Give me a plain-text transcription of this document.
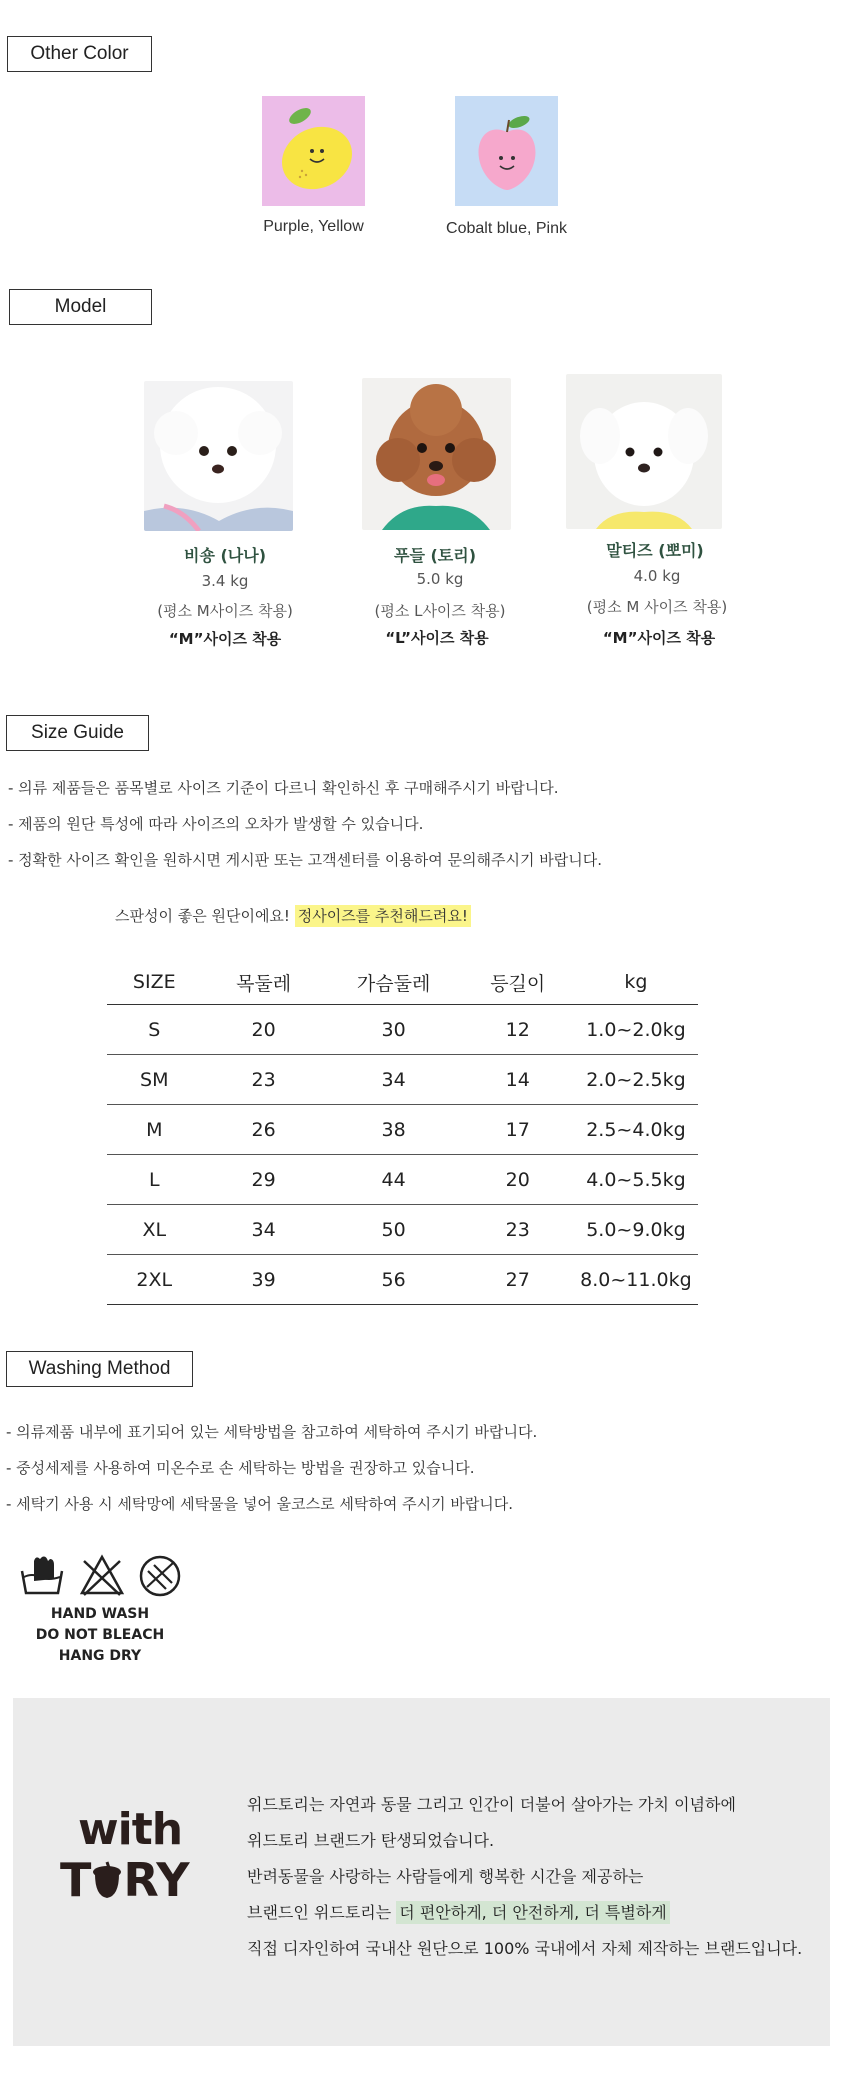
Other Color
Purple, Yellow	Cobalt blue, Pink
Model
비숑 (나나)
3.4 kg
(평소 M사이즈 착용)
“M”사이즈 착용
푸들 (토리)
5.0 kg
(평소 L사이즈 착용)
“L”사이즈 착용
말티즈 (뽀미)
4.0 kg
(평소 M 사이즈 착용)
“M”사이즈 착용
Size Guide
- 의류 제품들은 품목별로 사이즈 기준이 다르니 확인하신 후 구매해주시기 바랍니다.
- 제품의 원단 특성에 따라 사이즈의 오차가 발생할 수 있습니다.
- 정확한 사이즈 확인을 원하시면 게시판 또는 고객센터를 이용하여 문의해주시기 바랍니다.
스판성이 좋은 원단이에요! 정사이즈를 추천해드려요!
SIZE	목둘레	가슴둘레	등길이	kg
S	20	30	12	1.0~2.0kg
SM	23	34	14	2.0~2.5kg
M	26	38	17	2.5~4.0kg
L	29	44	20	4.0~5.5kg
XL	34	50	23	5.0~9.0kg
2XL	39	56	27	8.0~11.0kg
Washing Method
- 의류제품 내부에 표기되어 있는 세탁방법을 참고하여 세탁하여 주시기 바랍니다.
- 중성세제를 사용하여 미온수로 손 세탁하는 방법을 권장하고 있습니다.
- 세탁기 사용 시 세탁망에 세탁물을 넣어 울코스로 세탁하여 주시기 바랍니다.
HAND WASH
DO NOT BLEACH
HANG DRY
with
T RY
위드토리는 자연과 동물 그리고 인간이 더불어 살아가는 가치 이념하에
위드토리 브랜드가 탄생되었습니다.
반려동물을 사랑하는 사람들에게 행복한 시간을 제공하는
브랜드인 위드토리는 더 편안하게, 더 안전하게, 더 특별하게
직접 디자인하여 국내산 원단으로 100% 국내에서 자체 제작하는 브랜드입니다.
